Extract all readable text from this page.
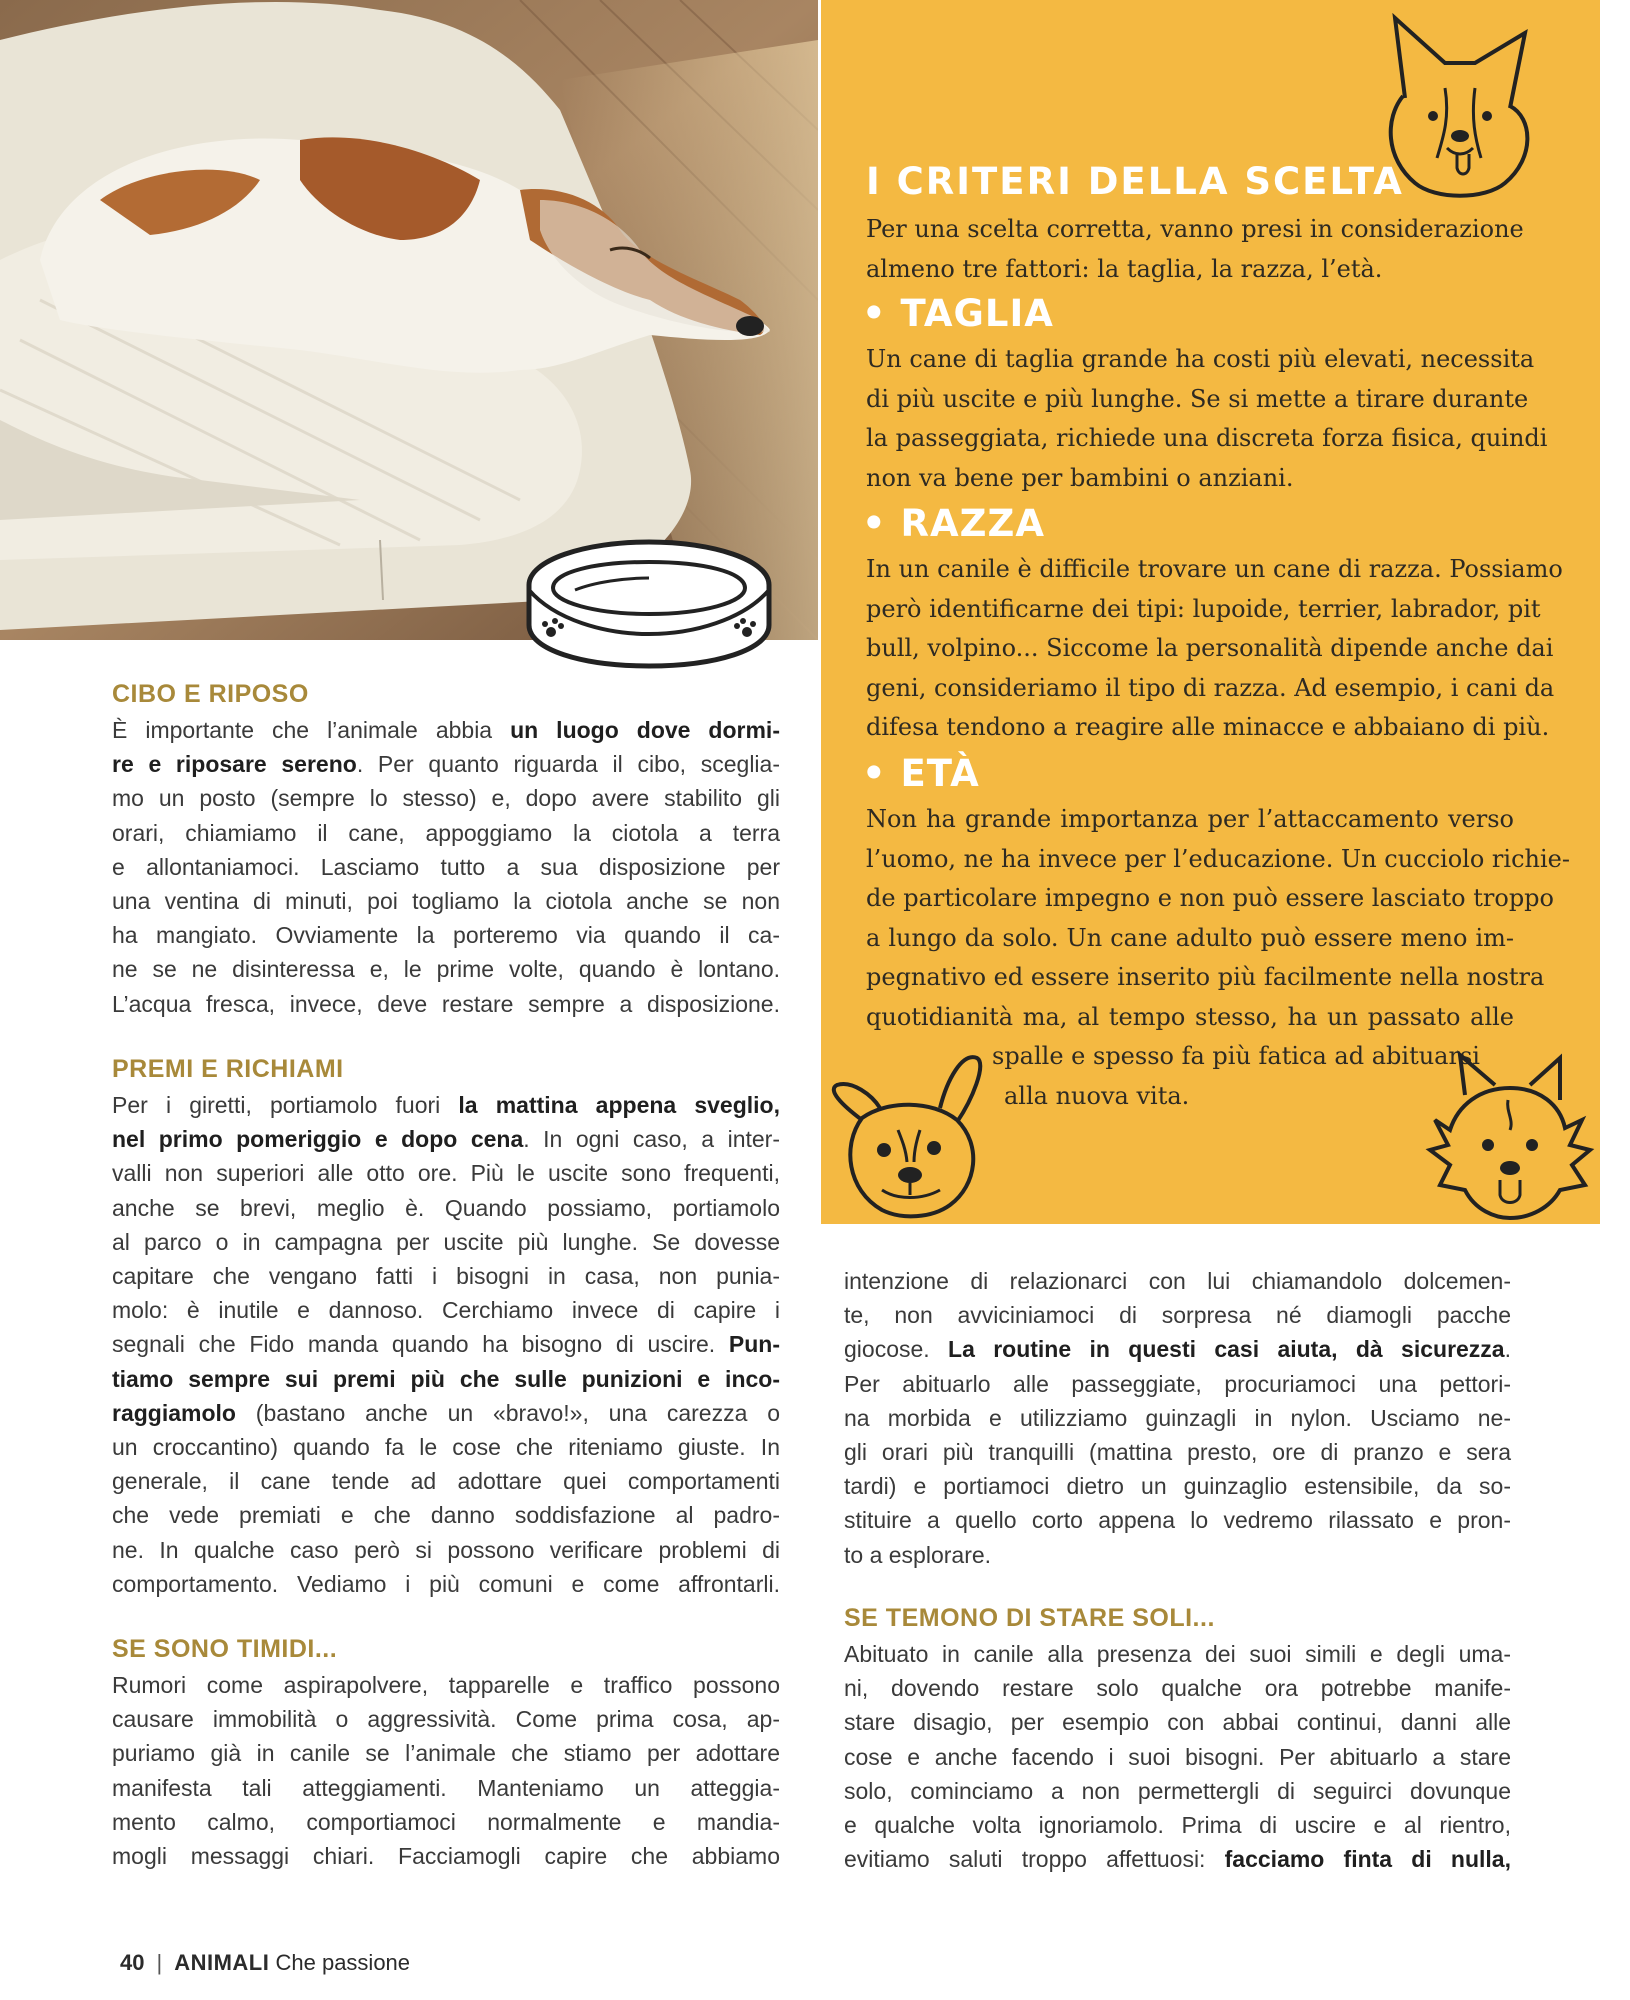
I CRITERI DELLA SCELTA
Per una scelta corretta, vanno presi in considerazione
almeno tre fattori: la taglia, la razza, l’età.
• TAGLIA
Un cane di taglia grande ha costi più elevati, necessita
di più uscite e più lunghe. Se si mette a tirare durante
la passeggiata, richiede una discreta forza fisica, quindi
non va bene per bambini o anziani.
• RAZZA
In un canile è difficile trovare un cane di razza. Possiamo
però identificarne dei tipi: lupoide, terrier, labrador, pit
bull, volpino... Siccome la personalità dipende anche dai
geni, consideriamo il tipo di razza. Ad esempio, i cani da
difesa tendono a reagire alle minacce e abbaiano di più.
• ETÀ
Non ha grande importanza per l’attaccamento verso
l’uomo, ne ha invece per l’educazione. Un cucciolo richie-
de particolare impegno e non può essere lasciato troppo
a lungo da solo. Un cane adulto può essere meno im-
pegnativo ed essere inserito più facilmente nella nostra
quotidianità ma, al tempo stesso, ha un passato alle
spalle e spesso fa più fatica ad abituarsi
alla nuova vita.
CIBO E RIPOSO
È importante che l’animale abbia un luogo dove dormi-
re e riposare sereno. Per quanto riguarda il cibo, sceglia-
mo un posto (sempre lo stesso) e, dopo avere stabilito gli
orari, chiamiamo il cane, appoggiamo la ciotola a terra
e allontaniamoci. Lasciamo tutto a sua disposizione per
una ventina di minuti, poi togliamo la ciotola anche se non
ha mangiato. Ovviamente la porteremo via quando il ca-
ne se ne disinteressa e, le prime volte, quando è lontano.
L’acqua fresca, invece, deve restare sempre a disposizione.
PREMI E RICHIAMI
Per i giretti, portiamolo fuori la mattina appena sveglio,
nel primo pomeriggio e dopo cena. In ogni caso, a inter-
valli non superiori alle otto ore. Più le uscite sono frequenti,
anche se brevi, meglio è. Quando possiamo, portiamolo
al parco o in campagna per uscite più lunghe. Se dovesse
capitare che vengano fatti i bisogni in casa, non punia-
molo: è inutile e dannoso. Cerchiamo invece di capire i
segnali che Fido manda quando ha bisogno di uscire. Pun-
tiamo sempre sui premi più che sulle punizioni e inco-
raggiamolo (bastano anche un «bravo!», una carezza o
un croccantino) quando fa le cose che riteniamo giuste. In
generale, il cane tende ad adottare quei comportamenti
che vede premiati e che danno soddisfazione al padro-
ne. In qualche caso però si possono verificare problemi di
comportamento. Vediamo i più comuni e come affrontarli.
SE SONO TIMIDI...
Rumori come aspirapolvere, tapparelle e traffico possono
causare immobilità o aggressività. Come prima cosa, ap-
puriamo già in canile se l’animale che stiamo per adottare
manifesta tali atteggiamenti. Manteniamo un atteggia-
mento calmo, comportiamoci normalmente e mandia-
mogli messaggi chiari. Facciamogli capire che abbiamo
intenzione di relazionarci con lui chiamandolo dolcemen-
te, non avviciniamoci di sorpresa né diamogli pacche
giocose. La routine in questi casi aiuta, dà sicurezza.
Per abituarlo alle passeggiate, procuriamoci una pettori-
na morbida e utilizziamo guinzagli in nylon. Usciamo ne-
gli orari più tranquilli (mattina presto, ore di pranzo e sera
tardi) e portiamoci dietro un guinzaglio estensibile, da so-
stituire a quello corto appena lo vedremo rilassato e pron-
to a esplorare.
SE TEMONO DI STARE SOLI...
Abituato in canile alla presenza dei suoi simili e degli uma-
ni, dovendo restare solo qualche ora potrebbe manife-
stare disagio, per esempio con abbai continui, danni alle
cose e anche facendo i suoi bisogni. Per abituarlo a stare
solo, cominciamo a non permettergli di seguirci dovunque
e qualche volta ignoriamolo. Prima di uscire e al rientro,
evitiamo saluti troppo affettuosi: facciamo finta di nulla,
40 | ANIMALI Che passione
